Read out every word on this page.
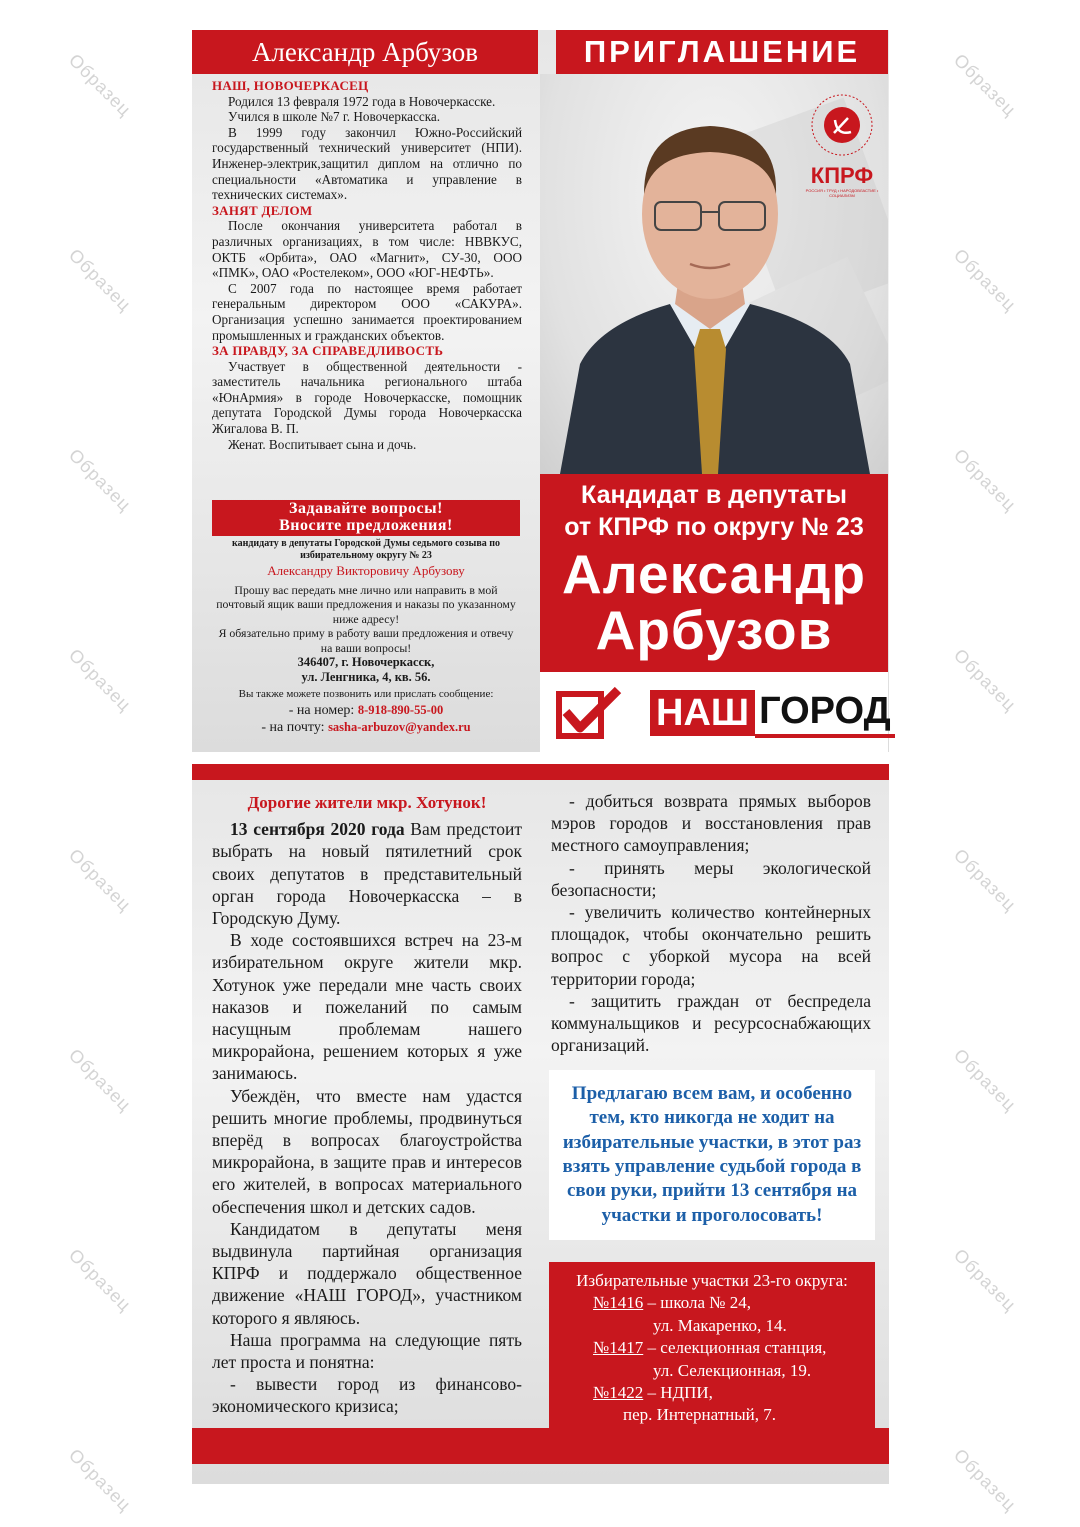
Образец
Образец
Образец
Образец
Образец
Образец
Образец
Образец
Образец
Образец
Образец
Образец
Образец
Образец
Образец
Образец
Александр Арбузов	ПРИГЛАШЕНИЕ
НАШ, НОВОЧЕРКАСЕЦ

Родился 13 февраля 1972 года в Новочеркасске.

Учился в школе №7 г. Новочеркасска.

В 1999 году закончил Южно-Российский государственный технический университет (НПИ). Инженер-электрик,защитил диплом на отлично по специальности «Автоматика и управление в технических системах».

ЗАНЯТ ДЕЛОМ

После окончания университета работал в различных организациях, в том числе: НВВКУС, ОКТБ «Орбита», ОАО «Магнит», СУ-30, ООО «ПМК», ОАО «Ростелеком», ООО «ЮГ-НЕФТЬ».

С 2007 года по настоящее время работает генеральным директором ООО «САКУРА». Организация успешно занимается проектированием промышленных и гражданских объектов.

ЗА ПРАВДУ, ЗА СПРАВЕДЛИВОСТЬ

Участвует в общественной деятельности - заместитель начальника регионального штаба «ЮнАрмия» в городе Новочеркасске, помощник депутата Городской Думы города Новочеркасска Жигалова В. П.

Женат. Воспитывает сына и дочь.

Задавайте вопросы!
Вносите предложения!
кандидату в депутаты Городской Думы седьмого созыва по избирательному округу № 23
Александру Викторовичу Арбузову
Прошу вас передать мне лично или направить в мой почтовый ящик ваши предложения и наказы по указанному ниже адресу!
Я обязательно приму в работу ваши предложения и отвечу на ваши вопросы!
346407, г. Новочеркасск,
ул. Ленгника, 4, кв. 56.
Вы также можете позвонить или прислать сообщение:
- на номер: 8-918-890-55-00
- на почту: sasha-arbuzov@yandex.ru
КПРФ
РОССИЯ • ТРУД • НАРОДОВЛАСТИЕ • СОЦИАЛИЗМ
Кандидат в депутаты
от КПРФ по округу № 23
Александр
Арбузов
НАШ ГОРОД
Дорогие жители мкр. Хотунок!

13 сентября 2020 года Вам предстоит выбрать на новый пятилетний срок своих депутатов в представительный орган города Новочеркасска – в Городскую Думу.

В ходе состоявшихся встреч на 23-м избирательном округе жители мкр. Хотунок уже передали мне часть своих наказов и пожеланий по самым насущным проблемам нашего микрорайона, решением которых я уже занимаюсь.

Убеждён, что вместе нам удастся решить многие проблемы, продвинуться вперёд в вопросах благоустройства микрорайона, в защите прав и интересов его жителей, в вопросах материального обеспечения школ и детских садов.

Кандидатом в депутаты меня выдвинула партийная организация КПРФ и поддержало общественное движение «НАШ ГОРОД», участником которого я являюсь.

Наша программа на следующие пять лет проста и понятна:

- вывести город из финансово-экономического кризиса;

- добиться возврата прямых выборов мэров городов и восстановления прав местного самоуправления;

- принять меры экологической безопасности;

- увеличить количество контейнерных площадок, чтобы окончательно решить вопрос с уборкой мусора на всей территории города;

- защитить граждан от беспредела коммунальщиков и ресурсоснабжающих организаций.

Предлагаю всем вам, и особенно тем, кто никогда не ходит на избирательные участки, в этот раз взять управление судьбой города в свои руки, прийти 13 сентября на участки и проголосовать!
Избирательные участки 23-го округа:
№1416 – школа № 24,
ул. Макаренко, 14.
№1417 – селекционная станция,
ул. Селекционная, 19.
№1422 – НДПИ,
пер. Интернатный, 7.
